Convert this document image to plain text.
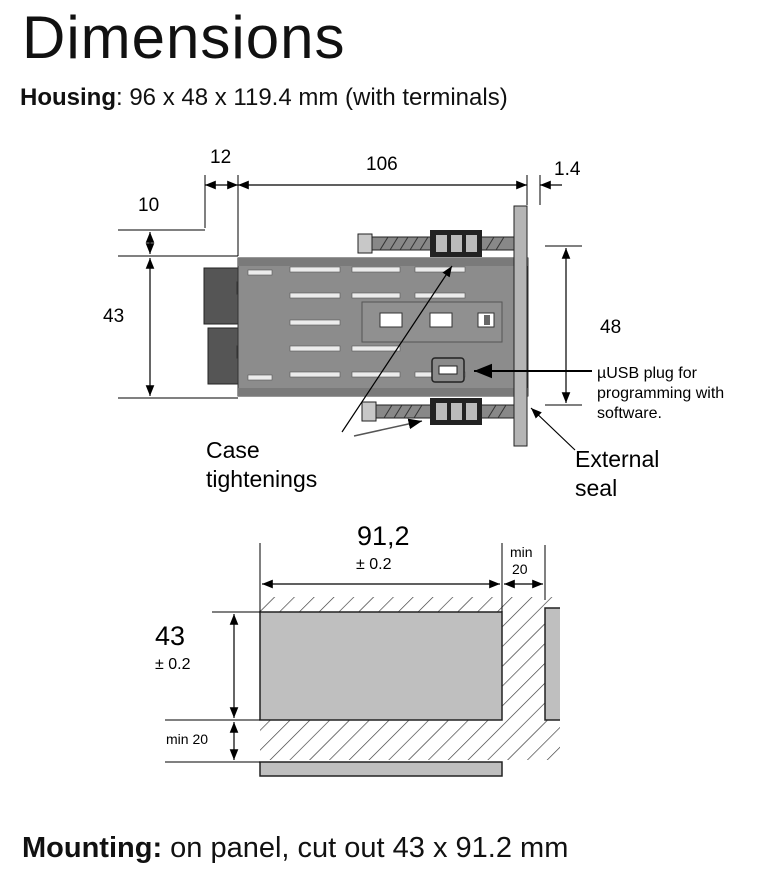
Dimensions
Housing: 96 x 48 x 119.4 mm (with terminals)
12	106	1.4
10
43
48
µUSB plug for programming with software.
Case tightenings
External seal
91,2
± 0.2
min
20
43
± 0.2
min 20
Mounting: on panel, cut out 43 x 91.2 mm
